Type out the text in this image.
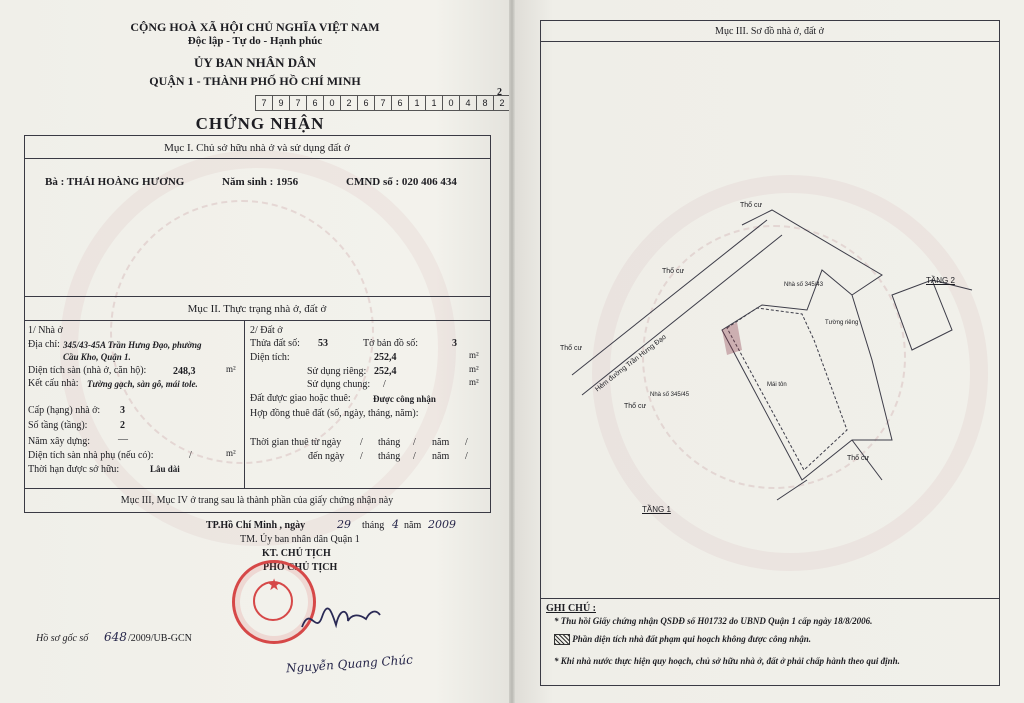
CỘNG HOÀ XÃ HỘI CHỦ NGHĨA VIỆT NAM
Độc lập - Tự do - Hạnh phúc
ỦY BAN NHÂN DÂN
QUẬN 1 - THÀNH PHỐ HỒ CHÍ MINH
7	9	7	6	0	2	6	7	6	1	1	0	4	8	2
2
CHỨNG NHẬN
Mục I. Chủ sở hữu nhà ở và sử dụng đất ở
Bà : THÁI HOÀNG HƯƠNG	Năm sinh : 1956	CMND số : 020 406 434
Mục II. Thực trạng nhà ở, đất ở
1/ Nhà ở
Địa chỉ: 345/43-45A Trần Hưng Đạo, phường
Cầu Kho, Quận 1.
Diện tích sàn (nhà ở, căn hộ):	248,3	m²
Kết cấu nhà: Tường gạch, sàn gỗ, mái tole.
Cấp (hạng) nhà ở: 3
Số tầng (tầng):	2
Năm xây dựng:	—
Diện tích sàn nhà phụ (nếu có):	/	m²
Thời hạn được sở hữu:	Lâu dài
2/ Đất ở
Thửa đất số: 53	Tờ bản đồ số:	3
Diện tích:	252,4	m²
Sử dụng riêng: 252,4	m²
Sử dụng chung: /	m²
Đất được giao hoặc thuê: Được công nhận
Hợp đồng thuê đất (số, ngày, tháng, năm):
Thời gian thuê từ ngày / tháng / năm /
đến ngày / tháng / năm /
Mục III, Mục IV ở trang sau là thành phần của giấy chứng nhận này
TP.Hồ Chí Minh , ngày	29 tháng 4 năm 2009
TM. Ủy ban nhân dân Quận 1
KT. CHỦ TỊCH
PHÓ CHỦ TỊCH
★
Nguyễn Quang Chúc
Hồ sơ gốc số 648 /2009/UB-GCN
Mục III. Sơ đồ nhà ở, đất ở
Hẻm đường Trần Hưng Đạo
Thổ cư
Thổ cư
Thổ cư
Thổ cư
Thổ cư
Nhà số 345/43
Nhà số 345/45
Mái tôn
Tường riêng
TẦNG 1
TẦNG 2
GHI CHÚ :
* Thu hồi Giấy chứng nhận QSDĐ số H01732 do UBND Quận 1 cấp ngày 18/8/2006.
Phần diện tích nhà đất phạm qui hoạch không được công nhận.
* Khi nhà nước thực hiện quy hoạch, chủ sở hữu nhà ở, đất ở phải chấp hành theo qui định.
